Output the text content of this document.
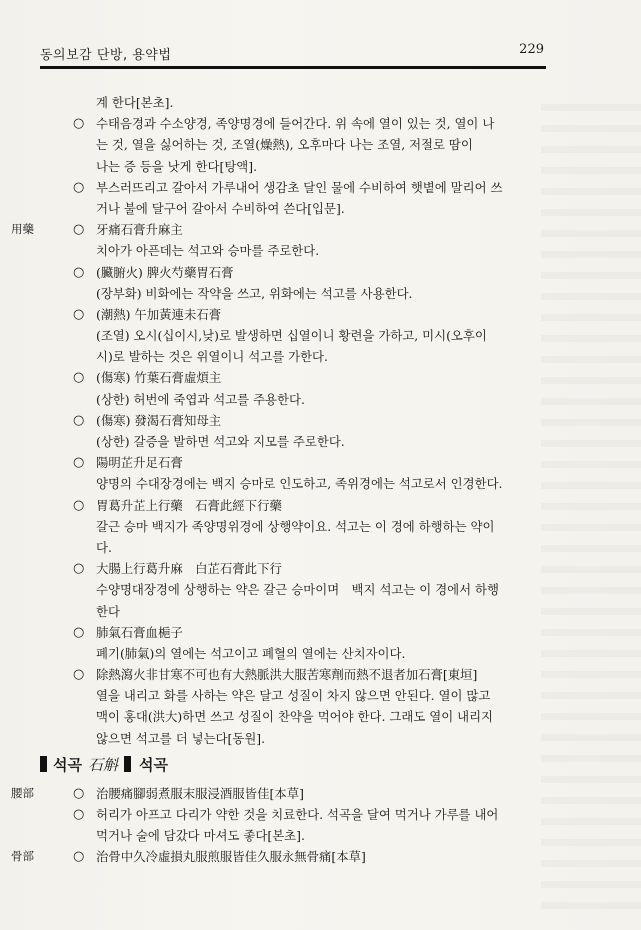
동의보감 단방, 용약법	229
계 한다[본초].
○ 수태음경과 수소양경, 족양명경에 들어간다. 위 속에 열이 있는 것, 열이 나
는 것, 열을 싫어하는 것, 조열(燥熱), 오후마다 나는 조열, 저절로 땀이
나는 증 등을 낫게 한다[탕액].
○ 부스러뜨리고 갈아서 가루내어 생감초 달인 물에 수비하여 햇볕에 말리어 쓰
거나 불에 달구어 갈아서 수비하여 쓴다[입문].
用藥	○ 牙痛石膏升麻主
치아가 아픈데는 석고와 승마를 주로한다.
○ (臟腑火) 脾火芍藥胃石膏
(장부화) 비화에는 작약을 쓰고, 위화에는 석고를 사용한다.
○ (潮熱) 午加黃連未石膏
(조열) 오시(십이시,낮)로 발생하면 십열이니 황련을 가하고, 미시(오후이
시)로 발하는 것은 위열이니 석고를 가한다.
○ (傷寒) 竹葉石膏虛煩主
(상한) 허번에 죽엽과 석고를 주용한다.
○ (傷寒) 發渴石膏知母主
(상한) 갈증을 발하면 석고와 지모를 주로한다.
○ 陽明芷升足石膏
양명의 수대장경에는 백지 승마로 인도하고, 족위경에는 석고로서 인경한다.
○ 胃葛升芷上行藥　石膏此經下行藥
갈근 승마 백지가 족양명위경에 상행약이요. 석고는 이 경에 하행하는 약이
다.
○ 大腸上行葛升麻　白芷石膏此下行
수양명대장경에 상행하는 약은 갈근 승마이며　백지 석고는 이 경에서 하행
한다
○ 肺氣石膏血梔子
폐기(肺氣)의 열에는 석고이고 폐혈의 열에는 산치자이다.
○ 除熱瀉火非甘寒不可也有大熱脈洪大服苦寒劑而熱不退者加石膏[東垣]
열을 내리고 화를 사하는 약은 달고 성질이 차지 않으면 안된다. 열이 많고
맥이 홍대(洪大)하면 쓰고 성질이 찬약을 먹어야 한다. 그래도 열이 내리지
않으면 석고를 더 넣는다[동원].
석곡 石斛 석곡
腰部	○ 治腰痛腳弱煮服末服浸酒服皆佳[本草]
○ 허리가 아프고 다리가 약한 것을 치료한다. 석곡을 달여 먹거나 가루를 내어
먹거나 술에 담갔다 마셔도 좋다[본초].
骨部	○ 治骨中久冷虛損丸服煎服皆佳久服永無骨痛[本草]
